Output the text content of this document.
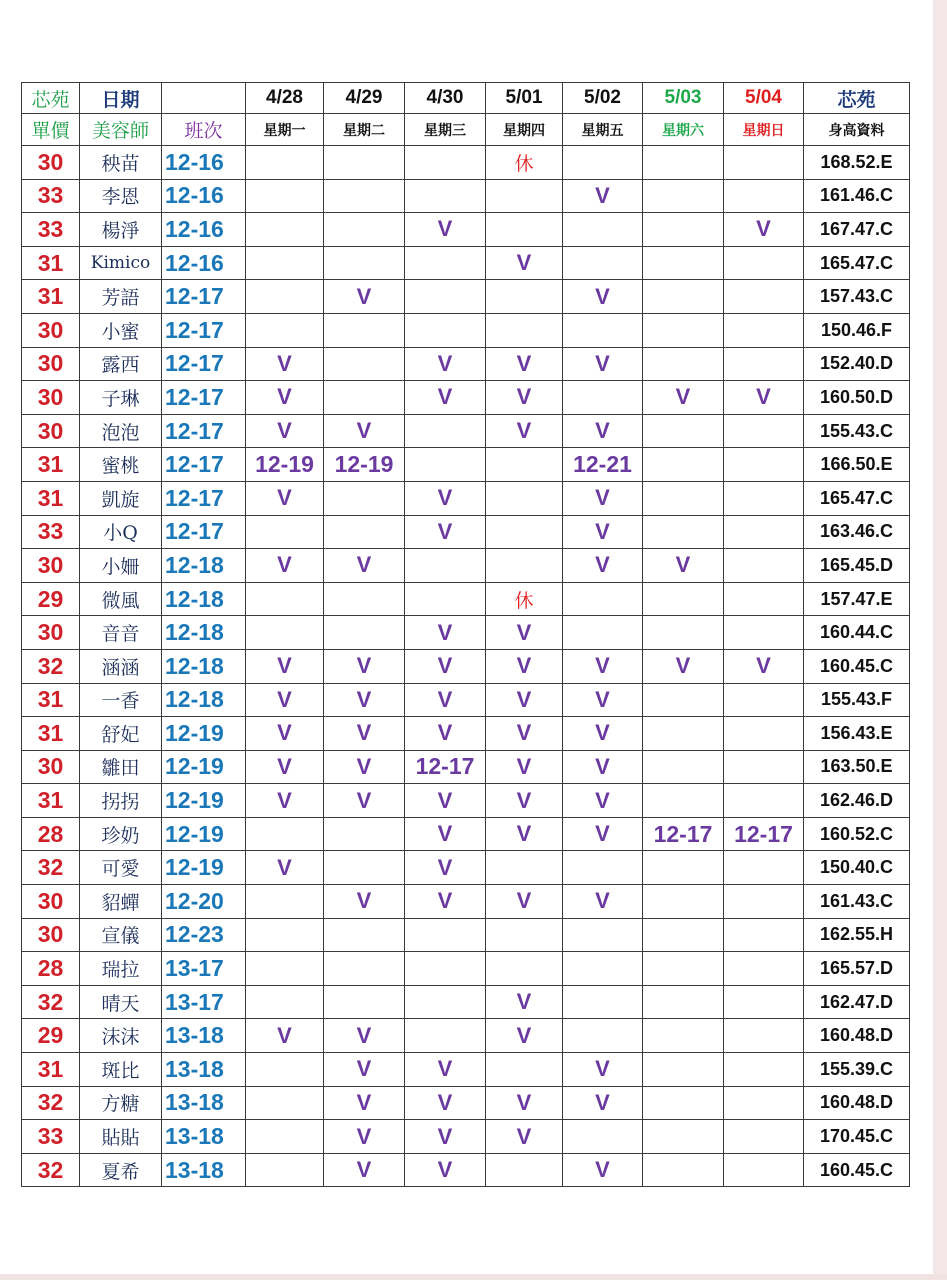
芯苑	日期		4/28	4/29	4/30	5/01	5/02	5/03	5/04	芯苑
單價	美容師	班次	星期一	星期二	星期三	星期四	星期五	星期六	星期日	身高資料
30	秧苗	12-16				休				168.52.E
33	李恩	12-16					V			161.46.C
33	楊淨	12-16			V				V	167.47.C
31	Kimico	12-16				V				165.47.C
31	芳語	12-17		V			V			157.43.C
30	小蜜	12-17								150.46.F
30	露西	12-17	V		V	V	V			152.40.D
30	子琳	12-17	V		V	V		V	V	160.50.D
30	泡泡	12-17	V	V		V	V			155.43.C
31	蜜桃	12-17	12-19	12-19			12-21			166.50.E
31	凱旋	12-17	V		V		V			165.47.C
33	小Q	12-17			V		V			163.46.C
30	小姍	12-18	V	V			V	V		165.45.D
29	微風	12-18				休				157.47.E
30	音音	12-18			V	V				160.44.C
32	涵涵	12-18	V	V	V	V	V	V	V	160.45.C
31	一香	12-18	V	V	V	V	V			155.43.F
31	舒妃	12-19	V	V	V	V	V			156.43.E
30	雛田	12-19	V	V	12-17	V	V			163.50.E
31	拐拐	12-19	V	V	V	V	V			162.46.D
28	珍奶	12-19			V	V	V	12-17	12-17	160.52.C
32	可愛	12-19	V		V					150.40.C
30	貂蟬	12-20		V	V	V	V			161.43.C
30	宣儀	12-23								162.55.H
28	瑞拉	13-17								165.57.D
32	晴天	13-17				V				162.47.D
29	沫沫	13-18	V	V		V				160.48.D
31	斑比	13-18		V	V		V			155.39.C
32	方糖	13-18		V	V	V	V			160.48.D
33	貼貼	13-18		V	V	V				170.45.C
32	夏希	13-18		V	V		V			160.45.C
